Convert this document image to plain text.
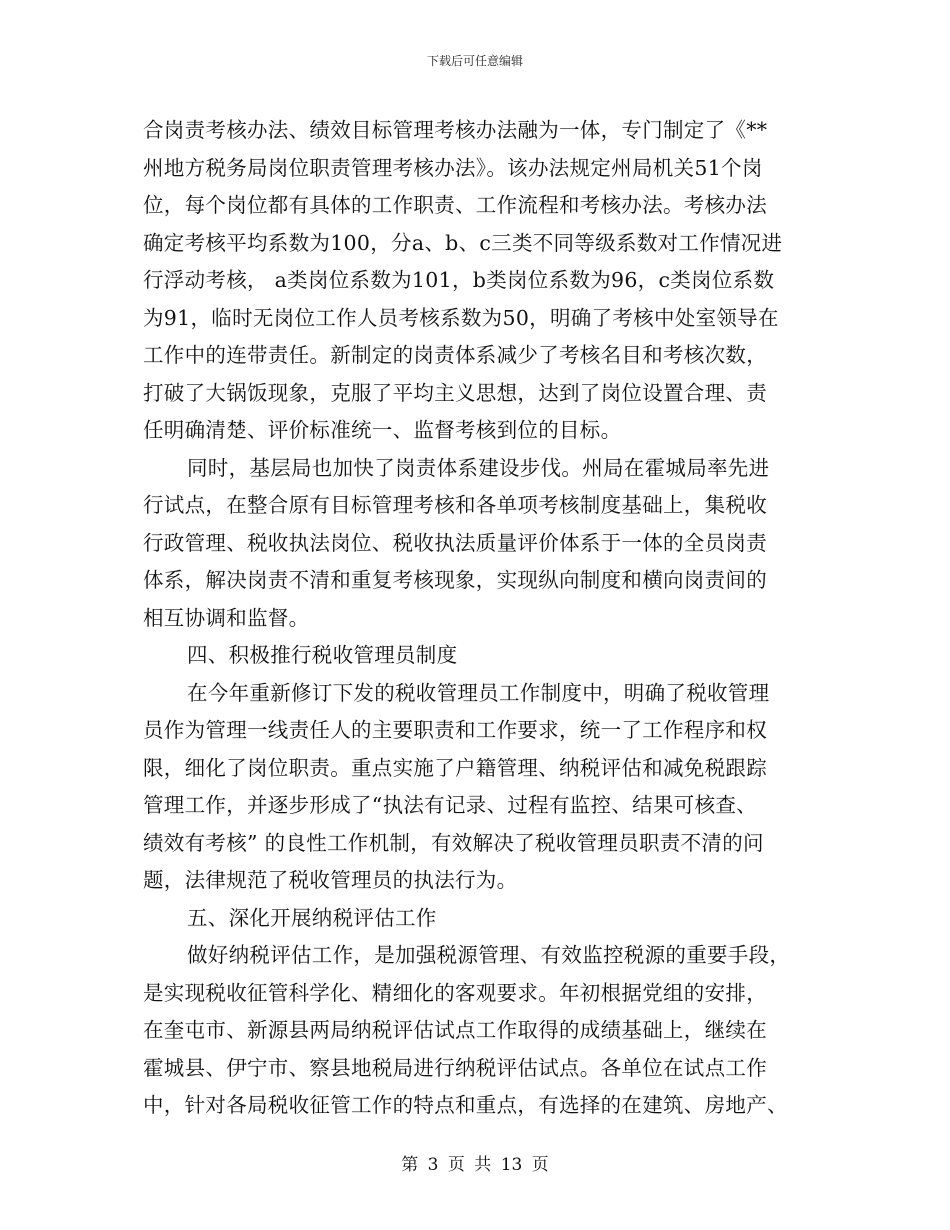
下载后可任意编辑
合岗责考核办法、绩效目标管理考核办法融为一体，专门制定了《**
州地方税务局岗位职责管理考核办法》。该办法规定州局机关51个岗
位，每个岗位都有具体的工作职责、工作流程和考核办法。考核办法
确定考核平均系数为100，分a、b、c三类不同等级系数对工作情况进
行浮动考核， a类岗位系数为101，b类岗位系数为96，c类岗位系数
为91，临时无岗位工作人员考核系数为50，明确了考核中处室领导在
工作中的连带责任。新制定的岗责体系减少了考核名目和考核次数，
打破了大锅饭现象，克服了平均主义思想，达到了岗位设置合理、责
任明确清楚、评价标准统一、监督考核到位的目标。
同时，基层局也加快了岗责体系建设步伐。州局在霍城局率先进
行试点，在整合原有目标管理考核和各单项考核制度基础上，集税收
行政管理、税收执法岗位、税收执法质量评价体系于一体的全员岗责
体系，解决岗责不清和重复考核现象，实现纵向制度和横向岗责间的
相互协调和监督。
四、积极推行税收管理员制度
在今年重新修订下发的税收管理员工作制度中，明确了税收管理
员作为管理一线责任人的主要职责和工作要求，统一了工作程序和权
限，细化了岗位职责。重点实施了户籍管理、纳税评估和减免税跟踪
管理工作，并逐步形成了“执法有记录、过程有监控、结果可核查、
绩效有考核” 的良性工作机制，有效解决了税收管理员职责不清的问
题，法律规范了税收管理员的执法行为。
五、深化开展纳税评估工作
做好纳税评估工作，是加强税源管理、有效监控税源的重要手段，
是实现税收征管科学化、精细化的客观要求。年初根据党组的安排，
在奎屯市、新源县两局纳税评估试点工作取得的成绩基础上，继续在
霍城县、伊宁市、察县地税局进行纳税评估试点。各单位在试点工作
中，针对各局税收征管工作的特点和重点，有选择的在建筑、房地产、
第 3 页 共 13 页
